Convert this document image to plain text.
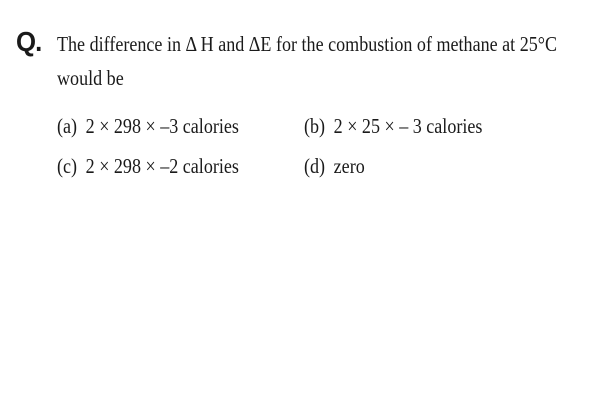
Q. The difference in Δ H and ΔE for the combustion of methane at 25°C
would be
(a) 2 × 298 × –3 calories	(b) 2 × 25 × – 3 calories
(c) 2 × 298 × –2 calories	(d) zero
